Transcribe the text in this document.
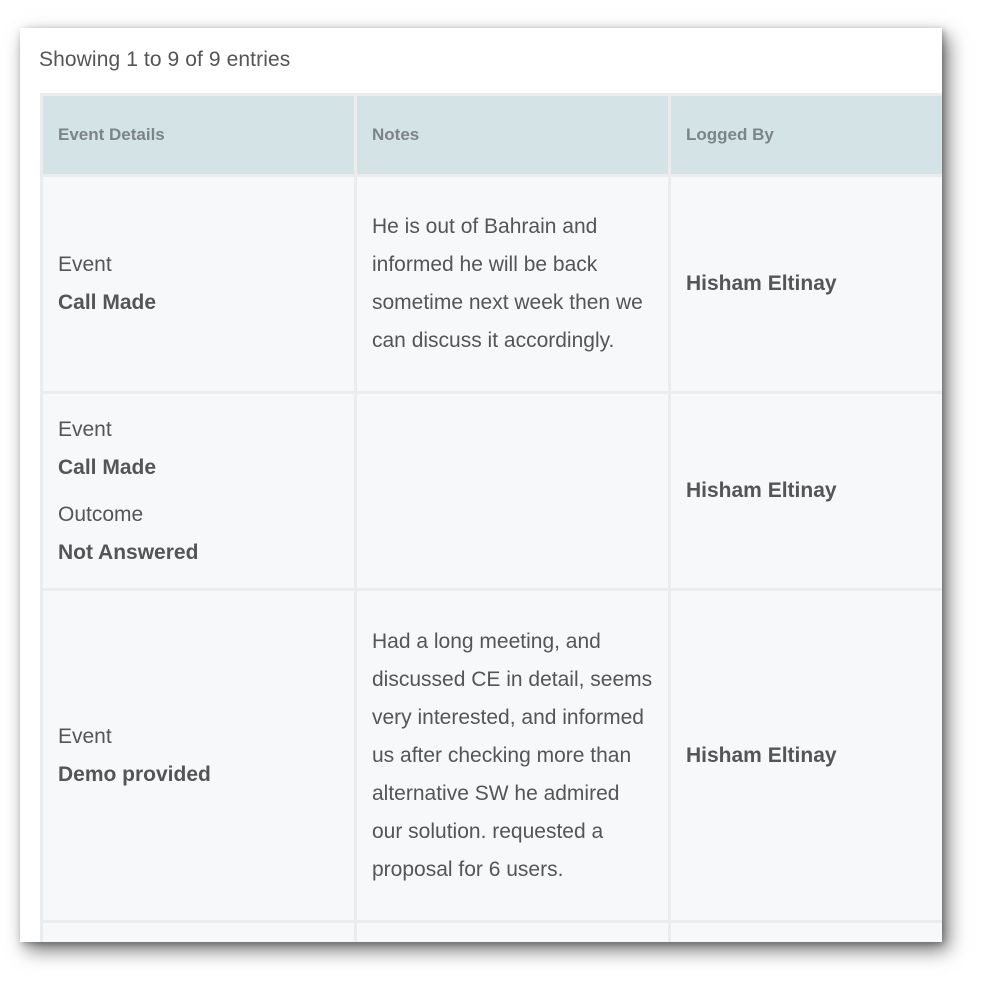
Showing 1 to 9 of 9 entries
Event Details	Notes	Logged By

Event
Call Made	He is out of Bahrain and informed he will be back sometime next week then we can discuss it accordingly.	Hisham Eltinay

Event
Call Made
Outcome
Not Answered		Hisham Eltinay

Event
Demo provided	Had a long meeting, and discussed CE in detail, seems very interested, and informed us after checking more than alternative SW he admired our solution. requested a proposal for 6 users.	Hisham Eltinay
